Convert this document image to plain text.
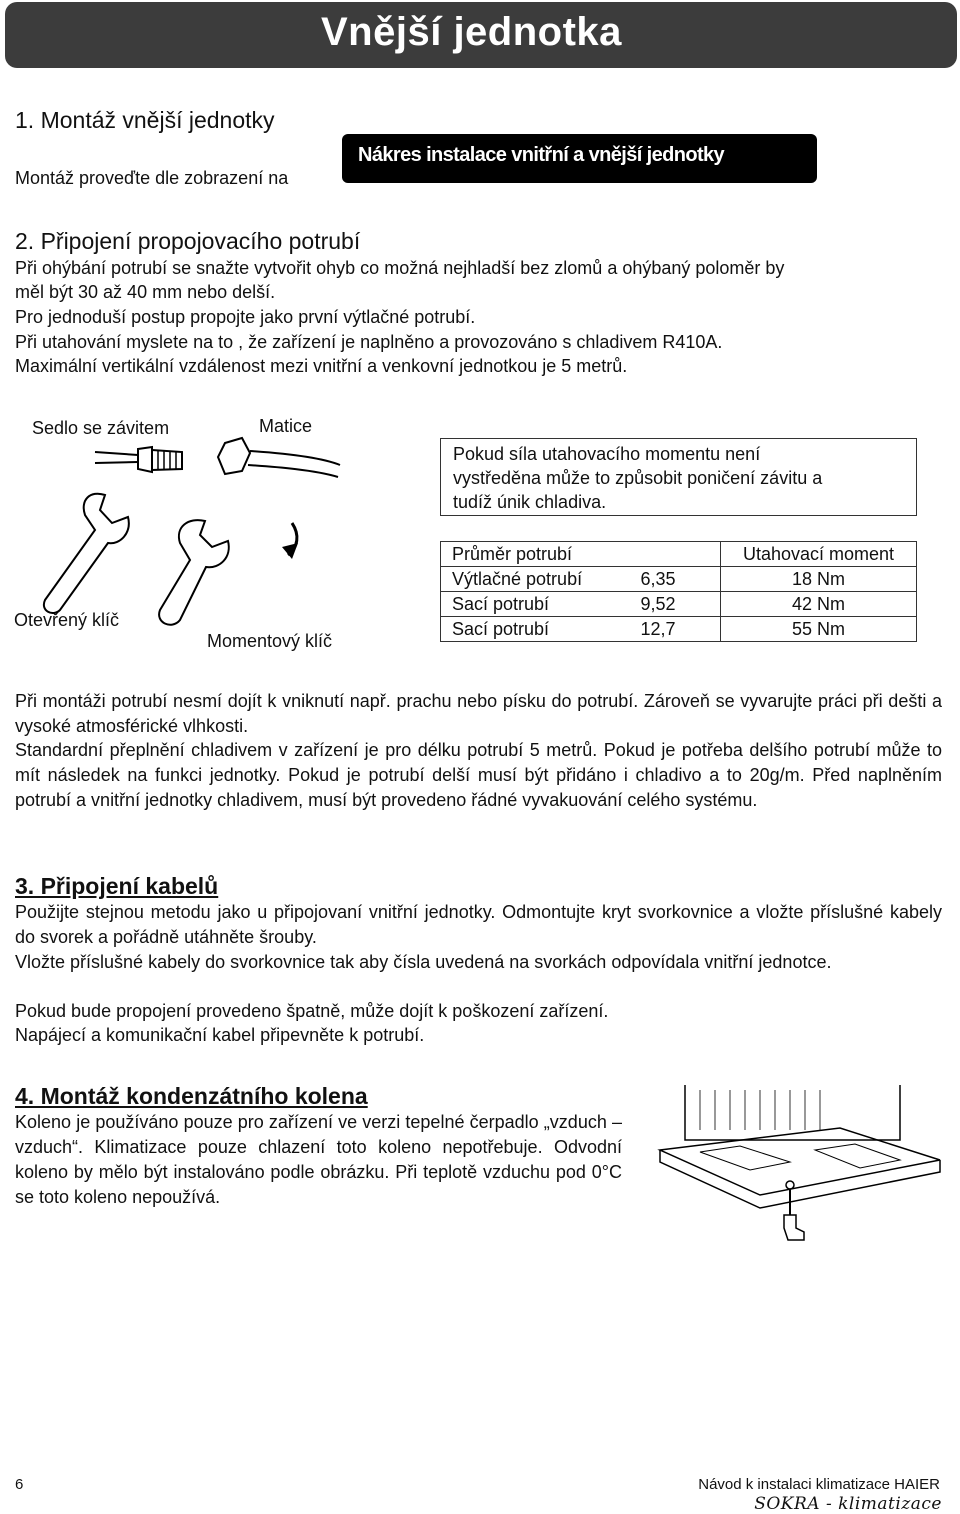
Vnější jednotka
1. Montáž vnější jednotky
Montáž proveďte dle zobrazení na
Nákres instalace vnitřní a vnější jednotky
2. Připojení propojovacího potrubí
Při ohýbání potrubí se snažte vytvořit ohyb co možná nejhladší bez zlomů a ohýbaný poloměr by
měl být 30 až 40 mm nebo delší.
Pro jednoduší postup propojte jako první výtlačné potrubí.
Při utahování myslete na to , že zařízení je naplněno a provozováno s chladivem R410A.
Maximální vertikální vzdálenost mezi vnitřní a venkovní jednotkou je 5 metrů.
Sedlo se závitem	Matice
Otevřený klíč
Momentový klíč
Pokud síla utahovacího momentu není
vystředěna může to způsobit poničení závitu a
tudíž únik chladiva.
Průměr potrubí		Utahovací moment
Výtlačné potrubí	6,35	18 Nm
Sací potrubí	9,52	42 Nm
Sací potrubí	12,7	55 Nm
Při montáži potrubí nesmí dojít k vniknutí např. prachu nebo písku do potrubí. Zároveň se vyvarujte práci při dešti a vysoké atmosférické vlhkosti.
Standardní přeplnění chladivem v zařízení je pro délku potrubí 5 metrů. Pokud je potřeba delšího potrubí může to mít následek na funkci jednotky. Pokud je potrubí delší musí být přidáno i chladivo a to 20g/m. Před naplněním potrubí a vnitřní jednotky chladivem, musí být provedeno řádné vyvakuování celého systému.
3. Připojení kabelů
Použijte stejnou metodu jako u připojovaní vnitřní jednotky. Odmontujte kryt svorkovnice a vložte příslušné kabely do svorek a pořádně utáhněte šrouby.
Vložte příslušné kabely do svorkovnice tak aby čísla uvedená na svorkách odpovídala vnitřní jednotce.
Pokud bude propojení provedeno špatně, může dojít k poškození zařízení.
Napájecí a komunikační kabel připevněte k potrubí.
4. Montáž kondenzátního kolena
Koleno je používáno pouze pro zařízení ve verzi tepelné čerpadlo „vzduch – vzduch“. Klimatizace pouze chlazení toto koleno nepotřebuje. Odvodní koleno by mělo být instalováno podle obrázku. Při teplotě vzduchu pod 0°C se toto koleno nepoužívá.
6	Návod k instalaci klimatizace HAIER
SOKRA - klimatizace
